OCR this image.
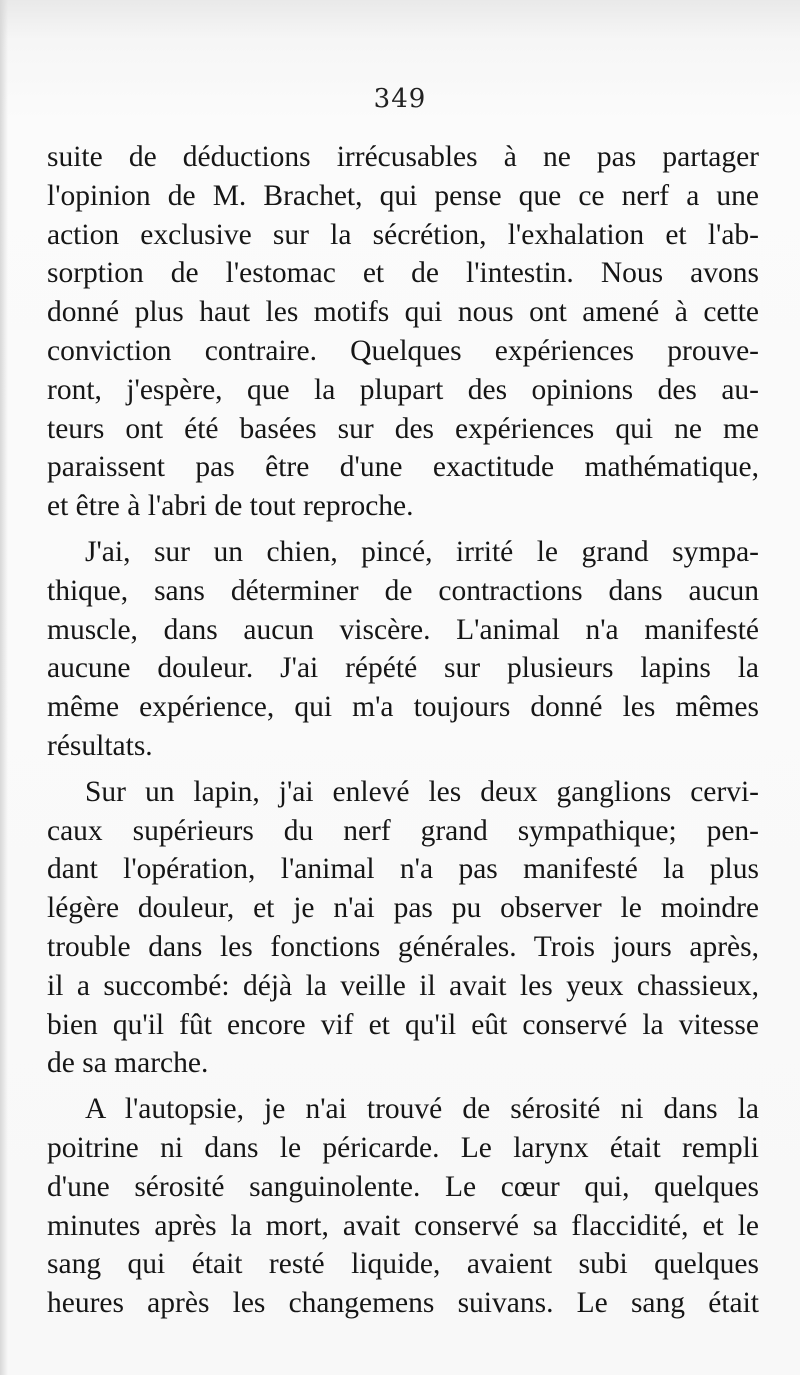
349
suite de déductions irrécusables à ne pas partager
l'opinion de M. Brachet, qui pense que ce nerf a une
action exclusive sur la sécrétion, l'exhalation et l'ab-
sorption de l'estomac et de l'intestin. Nous avons
donné plus haut les motifs qui nous ont amené à cette
conviction contraire. Quelques expériences prouve-
ront, j'espère, que la plupart des opinions des au-
teurs ont été basées sur des expériences qui ne me
paraissent pas être d'une exactitude mathématique,
et être à l'abri de tout reproche.
J'ai, sur un chien, pincé, irrité le grand sympa-
thique, sans déterminer de contractions dans aucun
muscle, dans aucun viscère. L'animal n'a manifesté
aucune douleur. J'ai répété sur plusieurs lapins la
même expérience, qui m'a toujours donné les mêmes
résultats.
Sur un lapin, j'ai enlevé les deux ganglions cervi-
caux supérieurs du nerf grand sympathique; pen-
dant l'opération, l'animal n'a pas manifesté la plus
légère douleur, et je n'ai pas pu observer le moindre
trouble dans les fonctions générales. Trois jours après,
il a succombé: déjà la veille il avait les yeux chassieux,
bien qu'il fût encore vif et qu'il eût conservé la vitesse
de sa marche.
A l'autopsie, je n'ai trouvé de sérosité ni dans la
poitrine ni dans le péricarde. Le larynx était rempli
d'une sérosité sanguinolente. Le cœur qui, quelques
minutes après la mort, avait conservé sa flaccidité, et le
sang qui était resté liquide, avaient subi quelques
heures après les changemens suivans. Le sang était
